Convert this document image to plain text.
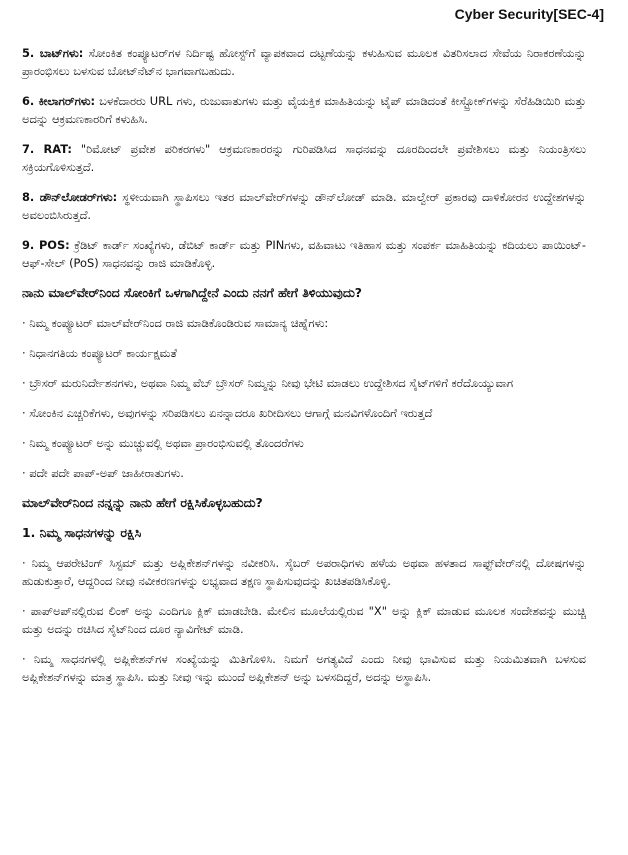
Cyber Security[SEC-4]

5. ಬಾಟ್‌ಗಳು: ಸೋಂಕಿತ ಕಂಪ್ಯೂಟರ್‌ಗಳ ನಿರ್ದಿಷ್ಟ ಹೋಸ್ಟ್‌ಗೆ ವ್ಯಾಪಕವಾದ ದಟ್ಟಣೆಯನ್ನು ಕಳುಹಿಸುವ ಮೂಲಕ ವಿತರಿಸಲಾದ ಸೇವೆಯ ನಿರಾಕರಣೆಯನ್ನು ಪ್ರಾರಂಭಿಸಲು ಬಳಸುವ ಬೋಟ್‌ನೆಟ್‌ನ ಭಾಗವಾಗಬಹುದು.

6. ಕೀಲಾಗರ್‌ಗಳು: ಬಳಕೆದಾರರು URL ಗಳು, ರುಜುವಾತುಗಳು ಮತ್ತು ವೈಯಕ್ತಿಕ ಮಾಹಿತಿಯನ್ನು ಟೈಪ್ ಮಾಡಿದಂತೆ ಕೀಸ್ಟ್ರೋಕ್‌ಗಳನ್ನು ಸೆರೆಹಿಡಿಯಿರಿ ಮತ್ತು ಅದನ್ನು ಆಕ್ರಮಣಕಾರರಿಗೆ ಕಳುಹಿಸಿ.

7. RAT: "ರಿಮೋಟ್ ಪ್ರವೇಶ ಪರಿಕರಗಳು" ಆಕ್ರಮಣಕಾರರನ್ನು ಗುರಿಪಡಿಸಿದ ಸಾಧನವನ್ನು ದೂರದಿಂದಲೇ ಪ್ರವೇಶಿಸಲು ಮತ್ತು ನಿಯಂತ್ರಿಸಲು ಸಕ್ರಿಯಗೊಳಿಸುತ್ತದೆ.

8. ಡೌನ್‌ಲೋಡರ್‌ಗಳು: ಸ್ಥಳೀಯವಾಗಿ ಸ್ಥಾಪಿಸಲು ಇತರ ಮಾಲ್‌ವೇರ್‌ಗಳನ್ನು ಡೌನ್‌ಲೋಡ್ ಮಾಡಿ. ಮಾಲ್ವೇರ್ ಪ್ರಕಾರವು ದಾಳಿಕೋರನ ಉದ್ದೇಶಗಳನ್ನು ಅವಲಂಬಿಸಿರುತ್ತದೆ.

9. POS: ಕ್ರೆಡಿಟ್ ಕಾರ್ಡ್ ಸಂಖ್ಯೆಗಳು, ಡೆಬಿಟ್ ಕಾರ್ಡ್ ಮತ್ತು PINಗಳು, ವಹಿವಾಟು ಇತಿಹಾಸ ಮತ್ತು ಸಂಪರ್ಕ ಮಾಹಿತಿಯನ್ನು ಕದಿಯಲು ಪಾಯಿಂಟ್-ಆಫ್-ಸೇಲ್ (PoS) ಸಾಧನವನ್ನು ರಾಜಿ ಮಾಡಿಕೊಳ್ಳಿ.

ನಾನು ಮಾಲ್‌ವೇರ್‌ನಿಂದ ಸೋಂಕಿಗೆ ಒಳಗಾಗಿದ್ದೇನೆ ಎಂದು ನನಗೆ ಹೇಗೆ ತಿಳಿಯುವುದು?

· ನಿಮ್ಮ ಕಂಪ್ಯೂಟರ್ ಮಾಲ್‌ವೇರ್‌ನಿಂದ ರಾಜಿ ಮಾಡಿಕೊಂಡಿರುವ ಸಾಮಾನ್ಯ ಚಿಹ್ನೆಗಳು:

· ನಿಧಾನಗತಿಯ ಕಂಪ್ಯೂಟರ್ ಕಾರ್ಯಕ್ಷಮತೆ

· ಬ್ರೌಸರ್ ಮರುನಿರ್ದೇಶನಗಳು, ಅಥವಾ ನಿಮ್ಮ ವೆಬ್ ಬ್ರೌಸರ್ ನಿಮ್ಮನ್ನು ನೀವು ಭೇಟಿ ಮಾಡಲು ಉದ್ದೇಶಿಸದ ಸೈಟ್‌ಗಳಿಗೆ ಕರೆದೊಯ್ಯುವಾಗ

· ಸೋಂಕಿನ ಎಚ್ಚರಿಕೆಗಳು, ಅವುಗಳನ್ನು ಸರಿಪಡಿಸಲು ಏನನ್ನಾದರೂ ಖರೀದಿಸಲು ಆಗಾಗ್ಗೆ ಮನವಿಗಳೊಂದಿಗೆ ಇರುತ್ತದೆ

· ನಿಮ್ಮ ಕಂಪ್ಯೂಟರ್ ಅನ್ನು ಮುಚ್ಚುವಲ್ಲಿ ಅಥವಾ ಪ್ರಾರಂಭಿಸುವಲ್ಲಿ ತೊಂದರೆಗಳು

· ಪದೇ ಪದೇ ಪಾಪ್-ಅಪ್ ಜಾಹೀರಾತುಗಳು.

ಮಾಲ್‌ವೇರ್‌ನಿಂದ ನನ್ನನ್ನು ನಾನು ಹೇಗೆ ರಕ್ಷಿಸಿಕೊಳ್ಳಬಹುದು?
1. ನಿಮ್ಮ ಸಾಧನಗಳನ್ನು ರಕ್ಷಿಸಿ

· ನಿಮ್ಮ ಆಪರೇಟಿಂಗ್ ಸಿಸ್ಟಮ್ ಮತ್ತು ಅಪ್ಲಿಕೇಶನ್‌ಗಳನ್ನು ನವೀಕರಿಸಿ. ಸೈಬರ್ ಅಪರಾಧಿಗಳು ಹಳೆಯ ಅಥವಾ ಹಳತಾದ ಸಾಫ್ಟ್‌ವೇರ್‌ನಲ್ಲಿ ದೋಷಗಳನ್ನು ಹುಡುಕುತ್ತಾರೆ, ಆದ್ದರಿಂದ ನೀವು ನವೀಕರಣಗಳನ್ನು ಲಭ್ಯವಾದ ತಕ್ಷಣ ಸ್ಥಾಪಿಸುವುದನ್ನು ಖಚಿತಪಡಿಸಿಕೊಳ್ಳಿ.

· ಪಾಪ್‌ಅಪ್‌ನಲ್ಲಿರುವ ಲಿಂಕ್ ಅನ್ನು ಎಂದಿಗೂ ಕ್ಲಿಕ್ ಮಾಡಬೇಡಿ. ಮೇಲಿನ ಮೂಲೆಯಲ್ಲಿರುವ "X" ಅನ್ನು ಕ್ಲಿಕ್ ಮಾಡುವ ಮೂಲಕ ಸಂದೇಶವನ್ನು ಮುಚ್ಚಿ ಮತ್ತು ಅದನ್ನು ರಚಿಸಿದ ಸೈಟ್‌ನಿಂದ ದೂರ ನ್ಯಾವಿಗೇಟ್ ಮಾಡಿ.

· ನಿಮ್ಮ ಸಾಧನಗಳಲ್ಲಿ ಅಪ್ಲಿಕೇಶನ್‌ಗಳ ಸಂಖ್ಯೆಯನ್ನು ಮಿತಿಗೊಳಿಸಿ. ನಿಮಗೆ ಅಗತ್ಯವಿದೆ ಎಂದು ನೀವು ಭಾವಿಸುವ ಮತ್ತು ನಿಯಮಿತವಾಗಿ ಬಳಸುವ ಅಪ್ಲಿಕೇಶನ್‌ಗಳನ್ನು ಮಾತ್ರ ಸ್ಥಾಪಿಸಿ. ಮತ್ತು ನೀವು ಇನ್ನು ಮುಂದೆ ಅಪ್ಲಿಕೇಶನ್ ಅನ್ನು ಬಳಸದಿದ್ದರೆ, ಅದನ್ನು ಅಸ್ಥಾಪಿಸಿ.
